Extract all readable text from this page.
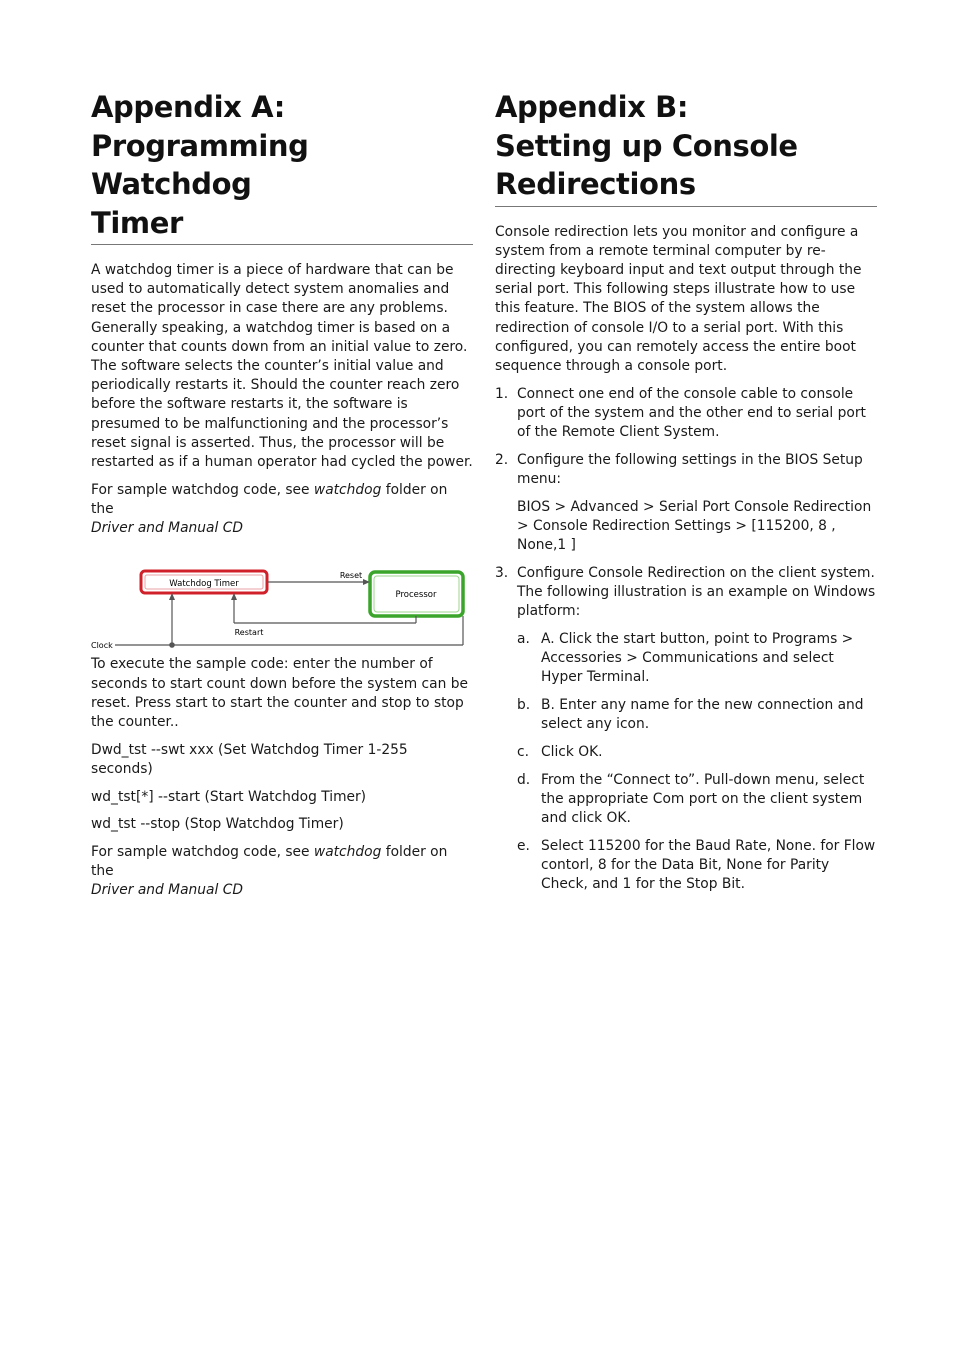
Appendix A:
Programming Watchdog
Timer

A watchdog timer is a piece of hardware that can be used to automatically detect system anomalies and reset the processor in case there are any problems. Generally speaking, a watchdog timer is based on a counter that counts down from an initial value to zero. The software selects the counter’s initial value and periodically restarts it. Should the counter reach zero before the software restarts it, the software is presumed to be malfunctioning and the processor’s reset signal is asserted. Thus, the processor will be restarted as if a human operator had cycled the power.

For sample watchdog code, see watchdog folder on the
Driver and Manual CD

Watchdog Timer
Processor
Reset
Restart
Clock

To execute the sample code: enter the number of seconds to start count down before the system can be reset. Press start to start the counter and stop to stop the counter..

Dwd_tst --swt xxx (Set Watchdog Timer 1-255 seconds)

wd_tst[*] --start (Start Watchdog Timer)

wd_tst --stop (Stop Watchdog Timer)

For sample watchdog code, see watchdog folder on the
Driver and Manual CD

Appendix B:
Setting up Console
Redirections

Console redirection lets you monitor and configure a system from a remote terminal computer by re-directing keyboard input and text output through the serial port. This following steps illustrate how to use this feature. The BIOS of the system allows the redirection of console I/O to a serial port. With this configured, you can remotely access the entire boot sequence through a console port.

1. Connect one end of the console cable to console port of the system and the other end to serial port of the Remote Client System.
2. Configure the following settings in the BIOS Setup menu:

BIOS > Advanced > Serial Port Console Redirection > Console Redirection Settings > [115200, 8 , None,1 ]

3. Configure Console Redirection on the client system. The following illustration is an example on Windows platform:
a. A. Click the start button, point to Programs > Accessories > Communications and select Hyper Terminal.
b. B. Enter any name for the new connection and select any icon.
c. Click OK.
d. From the “Connect to”. Pull-down menu, select the appropriate Com port on the client system and click OK.
e. Select 115200 for the Baud Rate, None. for Flow contorl, 8 for the Data Bit, None for Parity Check, and 1 for the Stop Bit.
